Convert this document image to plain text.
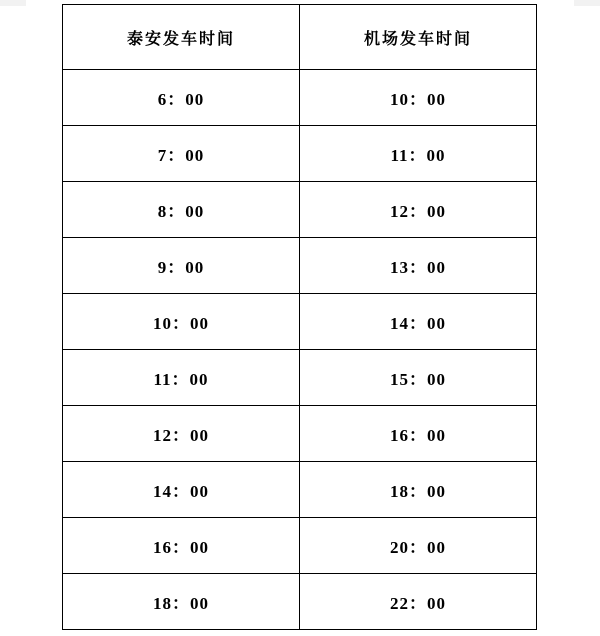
泰安发车时间	机场发车时间
6：00	10：00
7：00	11：00
8：00	12：00
9：00	13：00
10：00	14：00
11：00	15：00
12：00	16：00
14：00	18：00
16：00	20：00
18：00	22：00
